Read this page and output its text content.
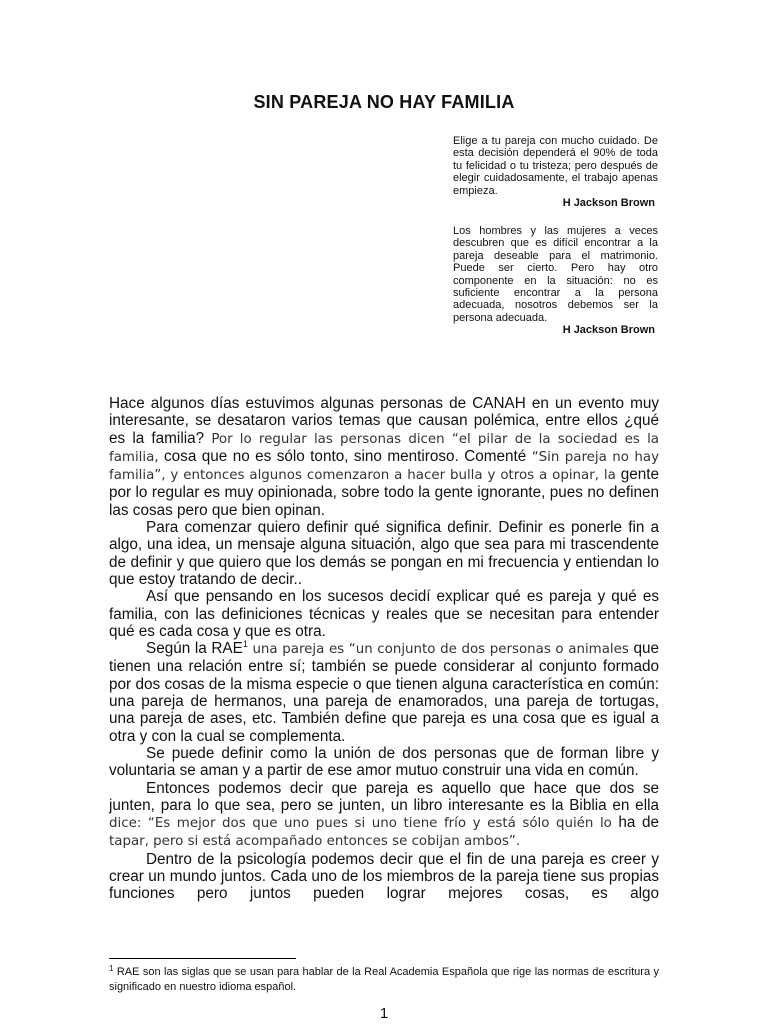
SIN PAREJA NO HAY FAMILIA
Elige a tu pareja con mucho cuidado. De esta decisión dependerá el 90% de toda tu felicidad o tu tristeza; pero después de elegir cuidadosamente, el trabajo apenas empieza.
H Jackson Brown
Los hombres y las mujeres a veces descubren que es difícil encontrar a la pareja deseable para el matrimonio. Puede ser cierto. Pero hay otro componente en la situación: no es suficiente encontrar a la persona adecuada, nosotros debemos ser la persona adecuada.
H Jackson Brown

Hace algunos días estuvimos algunas personas de CANAH en un evento muy interesante, se desataron varios temas que causan polémica, entre ellos ¿qué es la familia? Por lo regular las personas dicen “el pilar de la sociedad es la familia, cosa que no es sólo tonto, sino mentiroso. Comenté “Sin pareja no hay familia”, y entonces algunos comenzaron a hacer bulla y otros a opinar, la gente por lo regular es muy opinionada, sobre todo la gente ignorante, pues no definen las cosas pero que bien opinan.

Para comenzar quiero definir qué significa definir. Definir es ponerle fin a algo, una idea, un mensaje alguna situación, algo que sea para mi trascendente de definir y que quiero que los demás se pongan en mi frecuencia y entiendan lo que estoy tratando de decir..

Así que pensando en los sucesos decidí explicar qué es pareja y qué es familia, con las definiciones técnicas y reales que se necesitan para entender qué es cada cosa y que es otra.

Según la RAE$^1$ una pareja es “un conjunto de dos personas o animales que tienen una relación entre sí; también se puede considerar al conjunto formado por dos cosas de la misma especie o que tienen alguna característica en común: una pareja de hermanos, una pareja de enamorados, una pareja de tortugas, una pareja de ases, etc. También define que pareja es una cosa que es igual a otra y con la cual se complementa.

Se puede definir como la unión de dos personas que de forman libre y voluntaria se aman y a partir de ese amor mutuo construir una vida en común.

Entonces podemos decir que pareja es aquello que hace que dos se junten, para lo que sea, pero se junten, un libro interesante es la Biblia en ella dice: “Es mejor dos que uno pues si uno tiene frío y está sólo quién lo ha de tapar, pero si está acompañado entonces se cobijan ambos”.

Dentro de la psicología podemos decir que el fin de una pareja es creer y crear un mundo juntos. Cada uno de los miembros de la pareja tiene sus propias funciones pero juntos pueden lograr mejores cosas, es algo

$^1$ RAE son las siglas que se usan para hablar de la Real Academia Española que rige las normas de escritura y significado en nuestro idioma español.
1
